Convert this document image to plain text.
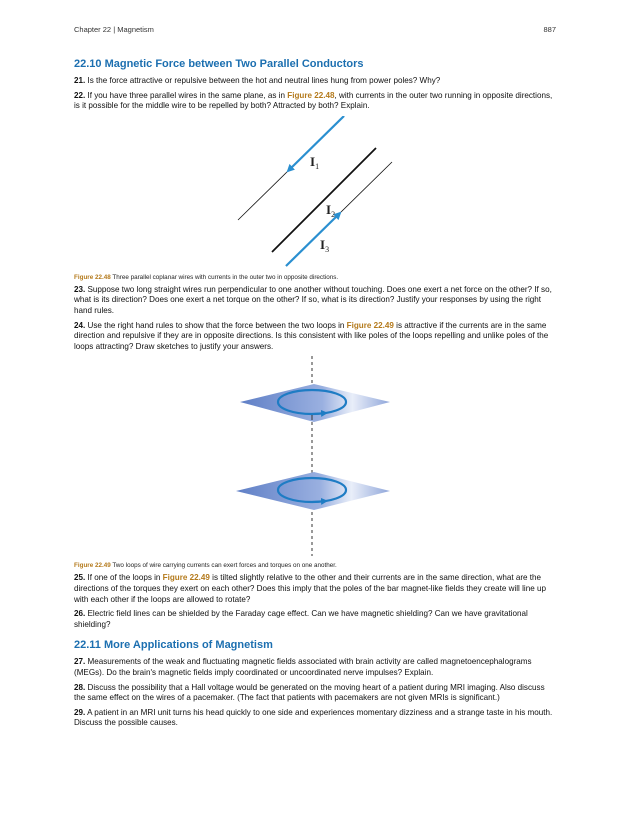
Chapter 22 | Magnetism	887
22.10 Magnetic Force between Two Parallel Conductors

21. Is the force attractive or repulsive between the hot and neutral lines hung from power poles? Why?

22. If you have three parallel wires in the same plane, as in Figure 22.48, with currents in the outer two running in opposite directions, is it possible for the middle wire to be repelled by both? Attracted by both? Explain.

$I_1$
$I_2$
$I_3$

Figure 22.48 Three parallel coplanar wires with currents in the outer two in opposite directions.

23. Suppose two long straight wires run perpendicular to one another without touching. Does one exert a net force on the other? If so, what is its direction? Does one exert a net torque on the other? If so, what is its direction? Justify your responses by using the right hand rules.

24. Use the right hand rules to show that the force between the two loops in Figure 22.49 is attractive if the currents are in the same direction and repulsive if they are in opposite directions. Is this consistent with like poles of the loops repelling and unlike poles of the loops attracting? Draw sketches to justify your answers.

Figure 22.49 Two loops of wire carrying currents can exert forces and torques on one another.

25. If one of the loops in Figure 22.49 is tilted slightly relative to the other and their currents are in the same direction, what are the directions of the torques they exert on each other? Does this imply that the poles of the bar magnet-like fields they create will line up with each other if the loops are allowed to rotate?

26. Electric field lines can be shielded by the Faraday cage effect. Can we have magnetic shielding? Can we have gravitational shielding?

22.11 More Applications of Magnetism

27. Measurements of the weak and fluctuating magnetic fields associated with brain activity are called magnetoencephalograms (MEGs). Do the brain's magnetic fields imply coordinated or uncoordinated nerve impulses? Explain.

28. Discuss the possibility that a Hall voltage would be generated on the moving heart of a patient during MRI imaging. Also discuss the same effect on the wires of a pacemaker. (The fact that patients with pacemakers are not given MRIs is significant.)

29. A patient in an MRI unit turns his head quickly to one side and experiences momentary dizziness and a strange taste in his mouth. Discuss the possible causes.
